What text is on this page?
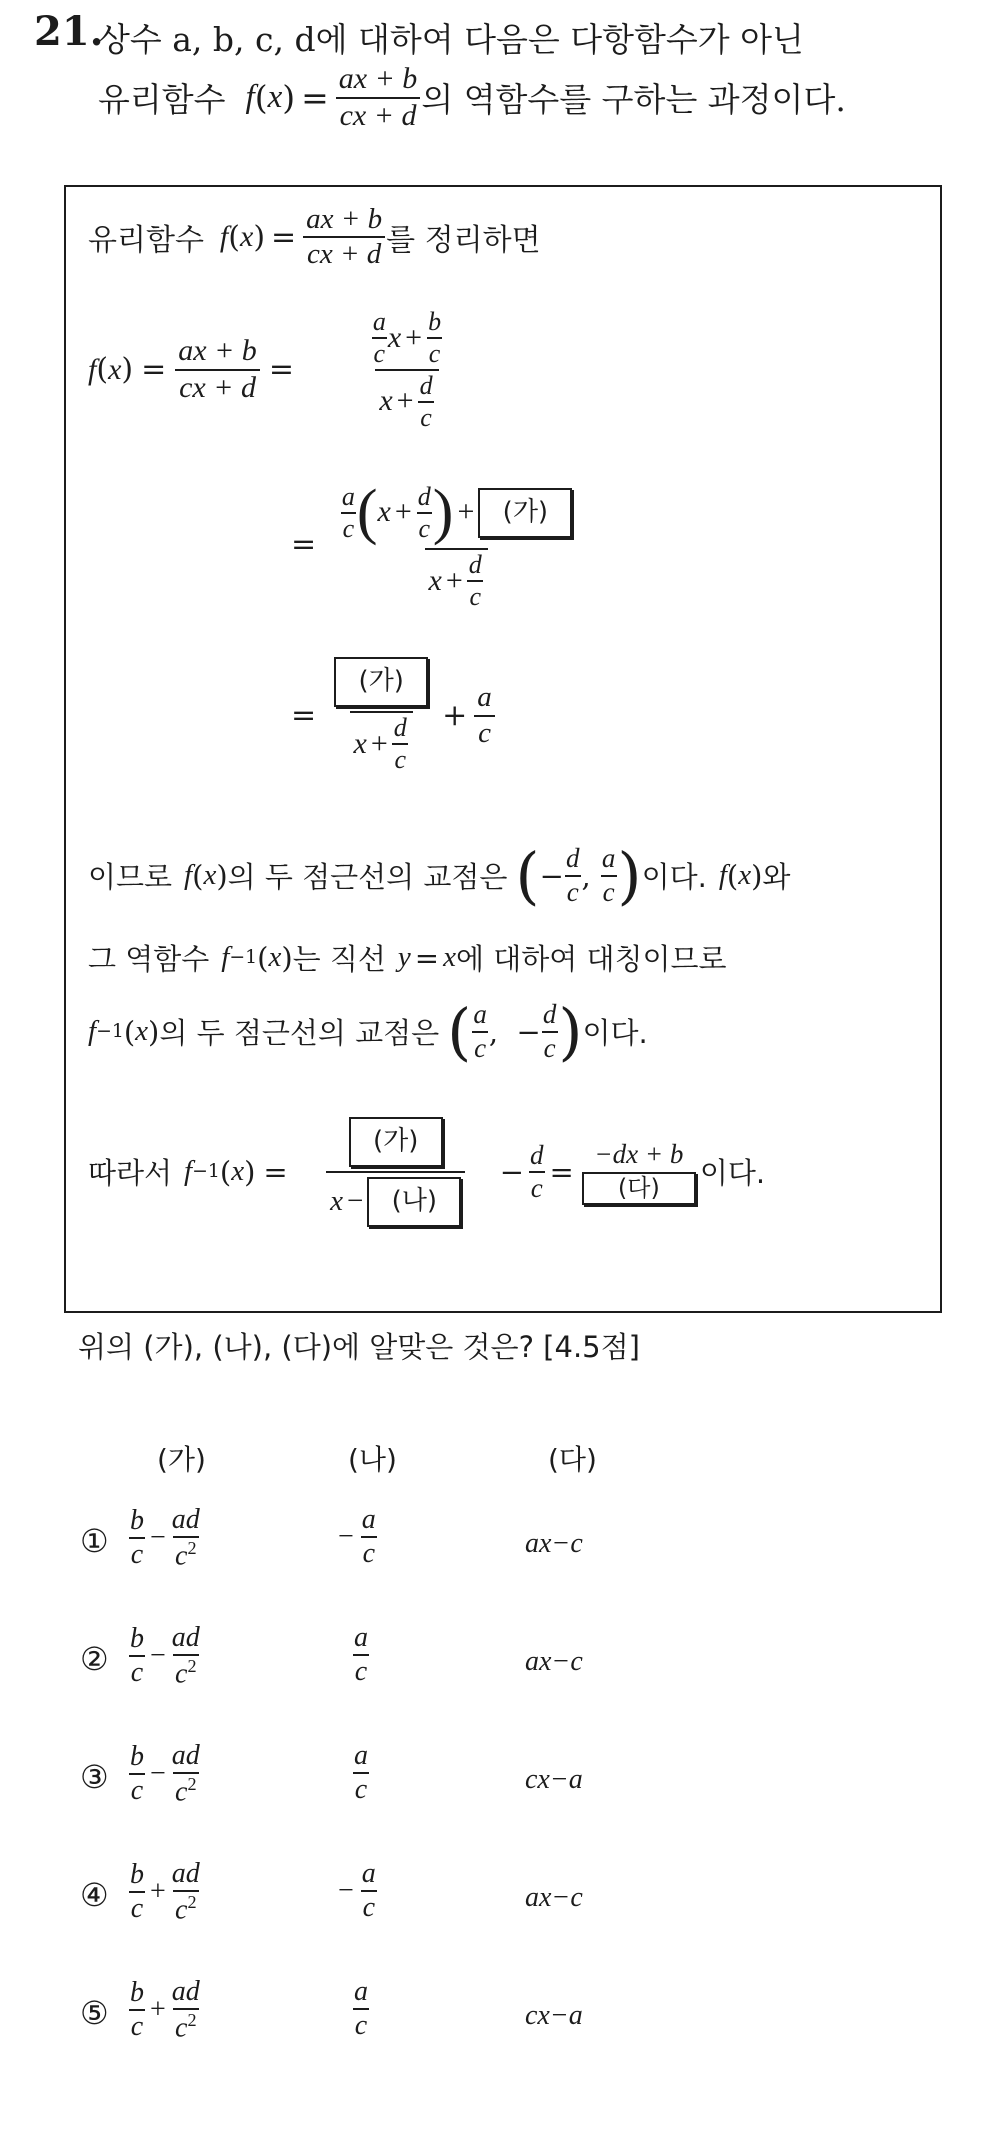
21.
상수 a, b, c, d에 대하여 다음은 다항함수가 아닌
유리함수 f ( x ) = $\frac{ax + b}{cx + d}$ 의 역함수를 구하는 과정이다.
유리함수 f ( x ) = $\frac{ax + b}{cx + d}$ 를 정리하면
f ( x ) = $\frac{ax + b}{cx + d} = \frac{\frac{a}{c} x + \frac{b}{c}}{x + \frac{d}{c}}$
= $\frac{a}{c}$ ( $x + \frac{d}{c}$ ) +	(가)
$x + \frac{d}{c}$
= $\frac{\text{(가)}}{x + \frac{d}{c}} + \frac{a}{c}$
이므로 f ( x ) 의 두 점근선의 교점은 ( − $\frac{d}{c}$ , $\frac{a}{c}$ ) 이다. f ( x ) 와
그 역함수 f −1 ( x ) 는 직선 y = x 에 대하여 대칭이므로
f −1 ( x ) 의 두 점근선의 교점은 ( $\frac{a}{c}$ ,  − $\frac{d}{c}$ ) 이다.
따라서 f −1 ( x ) = (가)
x −	(나) − $\frac{d}{c}$ =
−dx + b
(다)	이다.
위의 (가), (나), (다)에 알맞은 것은? [4.5점]
(가)	(나)	(다)
① $\frac{b}{c} - \frac{ad}{c^2}$	− $\frac{a}{c}$	ax−c
② $\frac{b}{c} - \frac{ad}{c^2}$	$\frac{a}{c}$	ax−c
③ $\frac{b}{c} - \frac{ad}{c^2}$	$\frac{a}{c}$	cx−a
④ $\frac{b}{c} + \frac{ad}{c^2}$	− $\frac{a}{c}$	ax−c
⑤ $\frac{b}{c} + \frac{ad}{c^2}$	$\frac{a}{c}$	cx−a
